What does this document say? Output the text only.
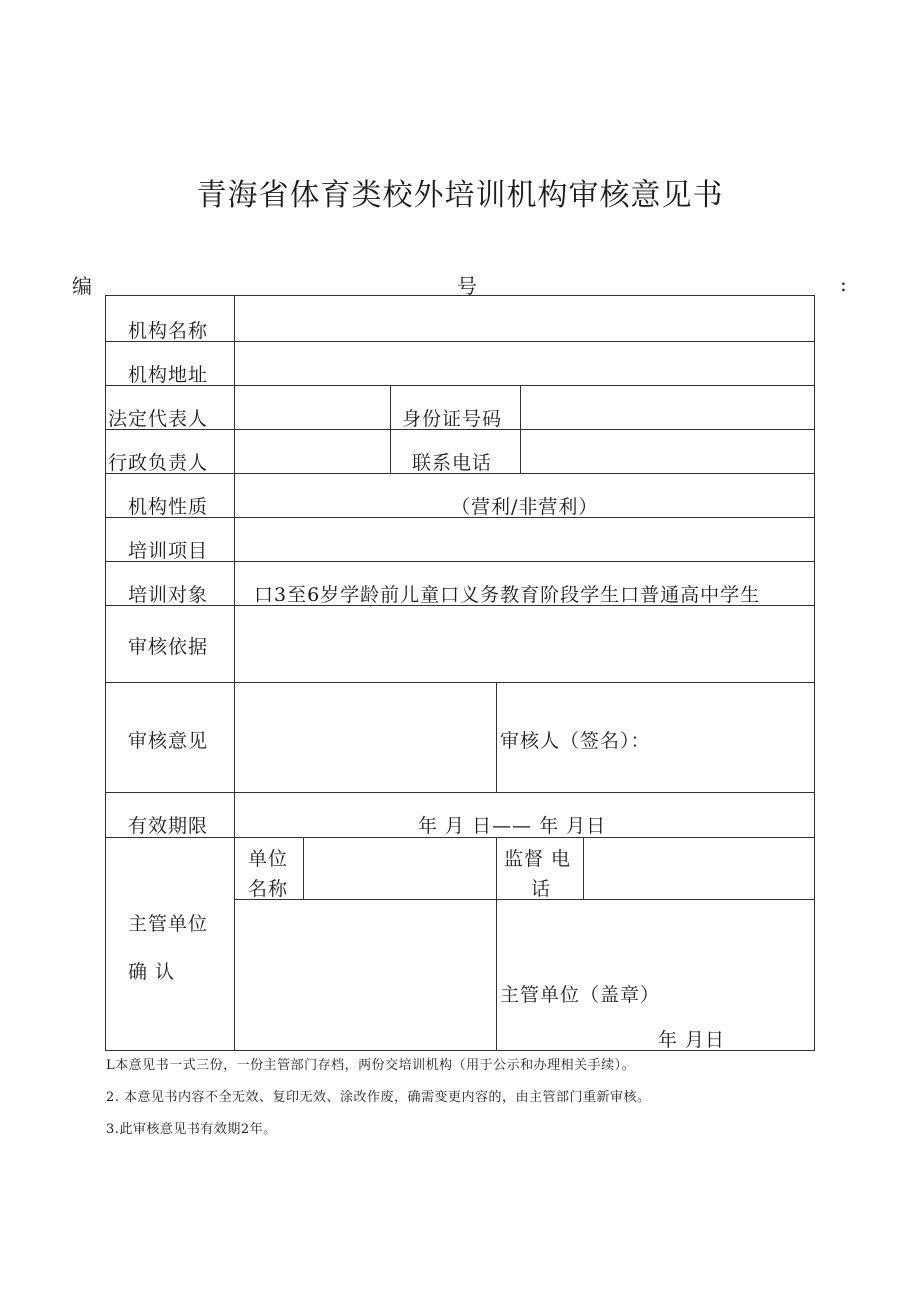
青海省体育类校外培训机构审核意见书
编	号	:
机构名称
机构地址
法定代表人
行政负责人
机构性质
培训项目
培训对象
审核依据
审核意见
有效期限
主管单位
确 认
身份证号码
联系电话
（营利/非营利）
口3至6岁学龄前儿童口义务教育阶段学生口普通高中学生
审核人（签名）：
年 月 日—— 年 月日
单位
名称
监督 电
话
主管单位（盖章）
年 月日
L本意见书一式三份，一份主管部门存档，两份交培训机构（用于公示和办理相关手续）。
2. 本意见书内容不全无效、复印无效、涂改作废，确需变更内容的，由主管部门重新审核。
3.此审核意见书有效期2年。
